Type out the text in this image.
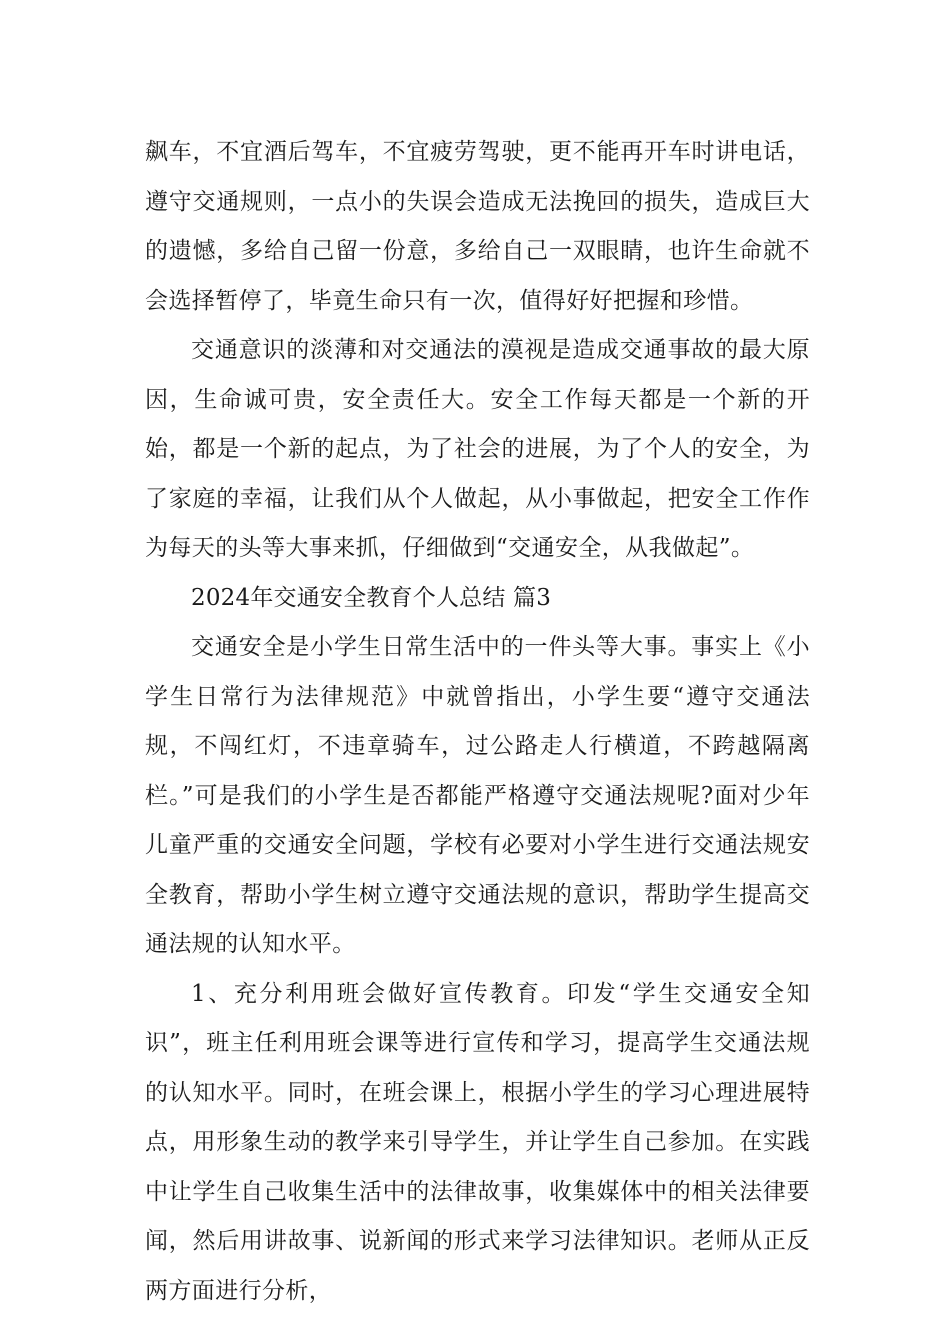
飙车，不宜酒后驾车，不宜疲劳驾驶，更不能再开车时讲电话，遵守交通规则，一点小的失误会造成无法挽回的损失，造成巨大的遗憾，多给自己留一份意，多给自己一双眼睛，也许生命就不会选择暂停了，毕竟生命只有一次，值得好好把握和珍惜。

交通意识的淡薄和对交通法的漠视是造成交通事故的最大原因，生命诚可贵，安全责任大。安全工作每天都是一个新的开始，都是一个新的起点，为了社会的进展，为了个人的安全，为了家庭的幸福，让我们从个人做起，从小事做起，把安全工作作为每天的头等大事来抓，仔细做到“交通安全，从我做起”。

2024年交通安全教育个人总结 篇3

交通安全是小学生日常生活中的一件头等大事。事实上《小学生日常行为法律规范》中就曾指出，小学生要“遵守交通法规，不闯红灯，不违章骑车，过公路走人行横道，不跨越隔离栏。”可是我们的小学生是否都能严格遵守交通法规呢?面对少年儿童严重的交通安全问题，学校有必要对小学生进行交通法规安全教育，帮助小学生树立遵守交通法规的意识，帮助学生提高交通法规的认知水平。

1、充分利用班会做好宣传教育。印发“学生交通安全知识”，班主任利用班会课等进行宣传和学习，提高学生交通法规的认知水平。同时，在班会课上，根据小学生的学习心理进展特点，用形象生动的教学来引导学生，并让学生自己参加。在实践中让学生自己收集生活中的法律故事，收集媒体中的相关法律要闻，然后用讲故事、说新闻的形式来学习法律知识。老师从正反两方面进行分析，
